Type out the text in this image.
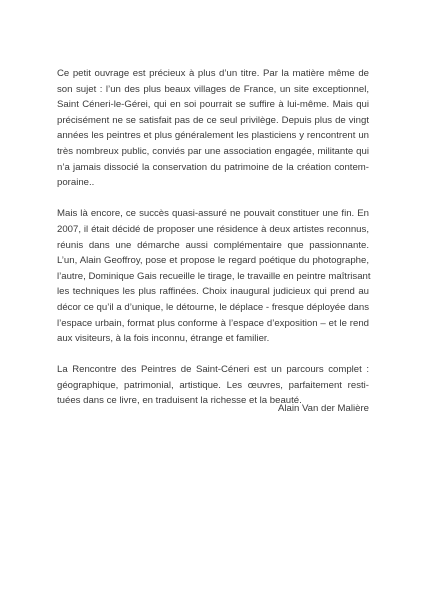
Ce petit ouvrage est précieux à plus d’un titre. Par la matière même de
son sujet : l’un des plus beaux villages de France, un site exceptionnel,
Saint Céneri-le-Gérei, qui en soi pourrait se suffire à lui-même. Mais qui
précisément ne se satisfait pas de ce seul privilège. Depuis plus de vingt
années les peintres et plus généralement les plasticiens y rencontrent un
très nombreux public, conviés par une association engagée, militante qui
n’a jamais dissocié la conservation du patrimoine de la création contem-
poraine..

Mais là encore, ce succès quasi-assuré ne pouvait constituer une fin. En
2007, il était décidé de proposer une résidence à deux artistes reconnus,
réunis dans une démarche aussi complémentaire que passionnante.
L’un, Alain Geoffroy, pose et propose le regard poétique du photographe,
l’autre, Dominique Gais recueille le tirage, le travaille en peintre maîtrisant
les techniques les plus raffinées. Choix inaugural judicieux qui prend au
décor ce qu’il a d’unique, le détourne, le déplace - fresque déployée dans
l’espace urbain, format plus conforme à l’espace d’exposition – et le rend
aux visiteurs, à la fois inconnu, étrange et familier.

La Rencontre des Peintres de Saint-Céneri est un parcours complet :
géographique, patrimonial, artistique. Les œuvres, parfaitement resti-
tuées dans ce livre, en traduisent la richesse et la beauté.

Alain Van der Malière
